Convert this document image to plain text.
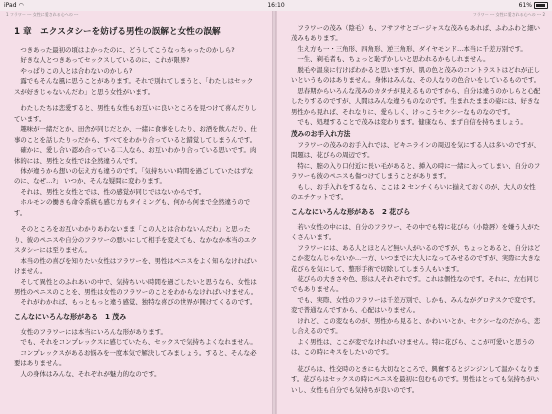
iPad ◠	16:10	61%
1 フラワー --- 女性に愛される心への ---
1 章　エクスタシーを妨げる男性の誤解と女性の誤解

つきあった最初の頃はよかったのに、どうしてこうなっちゃったのかしら?

好きな人とつきあってセックスしているのに、これが限界?

やっぱりこの人とは合わないのかしら?

露でもそんな風に思うことがあります。それで別れてしまうと、「わたしはセックスが好きじゃないんだわ」と思う女性がいます。

わたしたちは恋愛すると、男性も女性もお互いに良いところを見つけて喜んだりしています。

趣味が一緒だとか、田舎が同じだとか、一緒に食事をしたり、お酒を飲んだり、仕事のことを話したりっだから、すべてをわかり合っていると錯覚してしまうんです。

確かに、愛し合い認め合っている二人なら、お互いわかり合っている思いです。肉体的には、男性と女性では全然違うんです。

体が違うから想いの伝え方も違うのです。「気持ちいい時間を過ごしていたはずなのに、なぜ…?」 いつか、そんな疑問に変わります。

それは、男性と女性とでは、性の感覚が同じではないからです。

ホルモンの働きも命令系統も感じ方もタイミングも、何から何まで全然違うのです。

そのところをお互いわかりあわないまま「この人とは合わないんだわ」と思ったり、彼のペニスや自分のフラワーの悪いにして相手を変えても、なかなか本当のエクスタシーには至りません。

本当の性の喜びを知りたい女性はフラワーを、男性はペニスをよく知らなければいけません。

そして異性とのふれあいの中で、気持ちいい時間を過ごしたいと思うなら、女性は男性のペニスのことを、男性は女性のフラワーのことをわからなければいけません。

それがわかれば、もっともっと違う感覚、独特な喜びの世界が開けてくるのです。

こんなにいろんな形がある　1 茂み

女性のフラワーには本当にいろんな形があります。

でも、それをコンプレックスに感じていたら、セックスで気持ちよくなれません。

コンプレックスがあるお悩みを一度本気で解決してみましょう。すると、そんな必要はありません。

人の身体はみんな、それぞれが魅力的なのです。

フラワー --- 女性に愛される心への --- 2

フラワーの茂み（陰毛）も、フサフサとゴージャスな茂みもあれば、ふわふわと細い茂みもあります。

生え方も一・三角形、四角形、逆三角形、ダイヤモンド…本当に千差万別です。

一生、剃毛者も、ちょっと恥ずかしいと思われるかもしれません。

脱毛や温泉に行けばわかると思いますが、肌の色と茂みのコントラストはどれが正しいというものはありません。身体はみんな、その人なりの色合いをしているものです。

思春期からいろんな茂みのカタチが見えるものですから、自分は違うのかしらと心配したりするのですが、人間はみんな違うものなのです。生まれたままの姿には、好きな男性から見れば、それなりに、愛らしく、けっこうセクシーなものなのです。

でも、処理することで茂みは変わります。健康なら、まず自信を持ちましょう。

茂みのお手入れ方法

フラワーの茂みのお手入れでは、ビキニラインの周辺を気にする人は多いのですが、問題は、花びらの周辺です。

特に、膣の入り口付近に長い毛があると、挿入の時に一緒に入ってしまい、自分のフラワーも彼のペニスも傷つけてしまうことがあります。

もし、お手入れをするなら、ここは 2 センチくらいに揃えておくのが、大人の女性のエチケットです。

こんなにいろんな形がある　2 花びら

若い女性の中には、自分のフラワー、その中でも特に花びら（小陰唇）を嫌う人がたくさんいます。

フラワーには、ある人とほとんど無い人がいるのですが、ちょっとあると、自分はどこか変なんじゃないか…一方、いつまでに大人になってみせるのですが、実際に大きな花びらを気にして、整形手術で切除してしまう人もいます。

花びらの大きさや色、形は人それぞれです。これは個性なのです。それに、左右同じでもありません。

でも、実際、女性のフラワーは千差万別で、しかも、みんながグロテスクで変です。変で普通なんですから、心配はいりません。

けれど、この変なものが、男性から見ると、かわいいとか、セクシーなのだから、恋し合えるのです。

よく男性は、ここが変でなければいけません。特に花びら、ここが可愛いと思うのは、この時にキスをしたいのです。

花びらは、性交時のときにも大切なところで、興奮するとジンジンして温かくなります。花びらはセックスの時にペニスを最初に包むものです。男性はとっても気持ちがいいし、女性も自分でも気持ちが良いのです。
